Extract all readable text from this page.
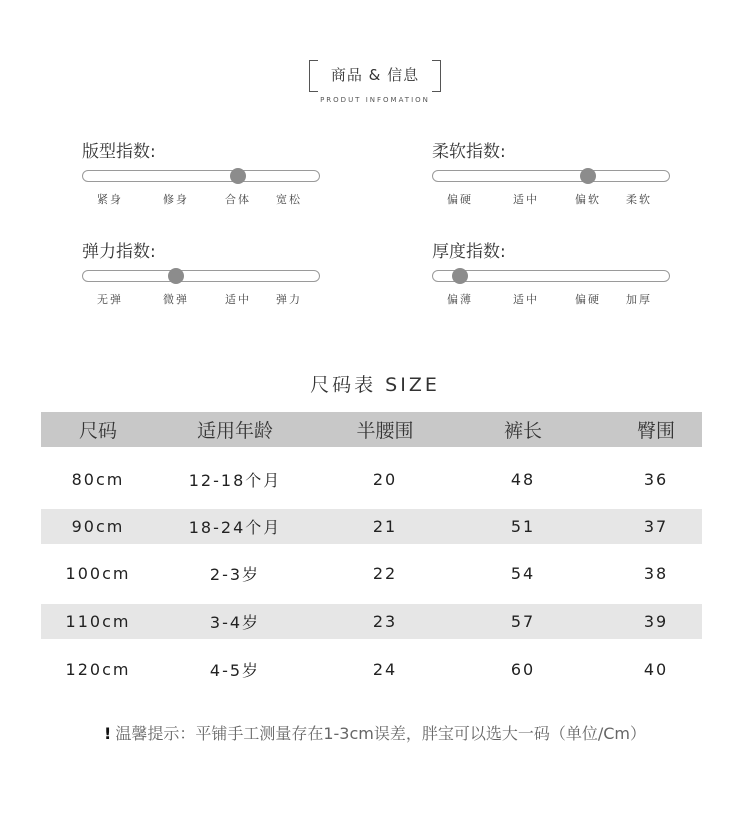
商品 & 信息
PRODUT INFOMATION
版型指数:
紧身	修身	合体 宽松
柔软指数:
偏硬	适中	偏软 柔软
弹力指数:
无弹	微弹	适中 弹力
厚度指数:
偏薄	适中	偏硬 加厚
尺码表 SIZE
尺码	适用年龄	半腰围	裤长	臀围
80cm	12-18个月	20	48	36
90cm	18-24个月	21	51	37
100cm	2-3岁	22	54	38
110cm	3-4岁	23	57	39
120cm	4-5岁	24	60	40
! 温馨提示：平铺手工测量存在1-3cm误差，胖宝可以选大一码（单位/Cm）
